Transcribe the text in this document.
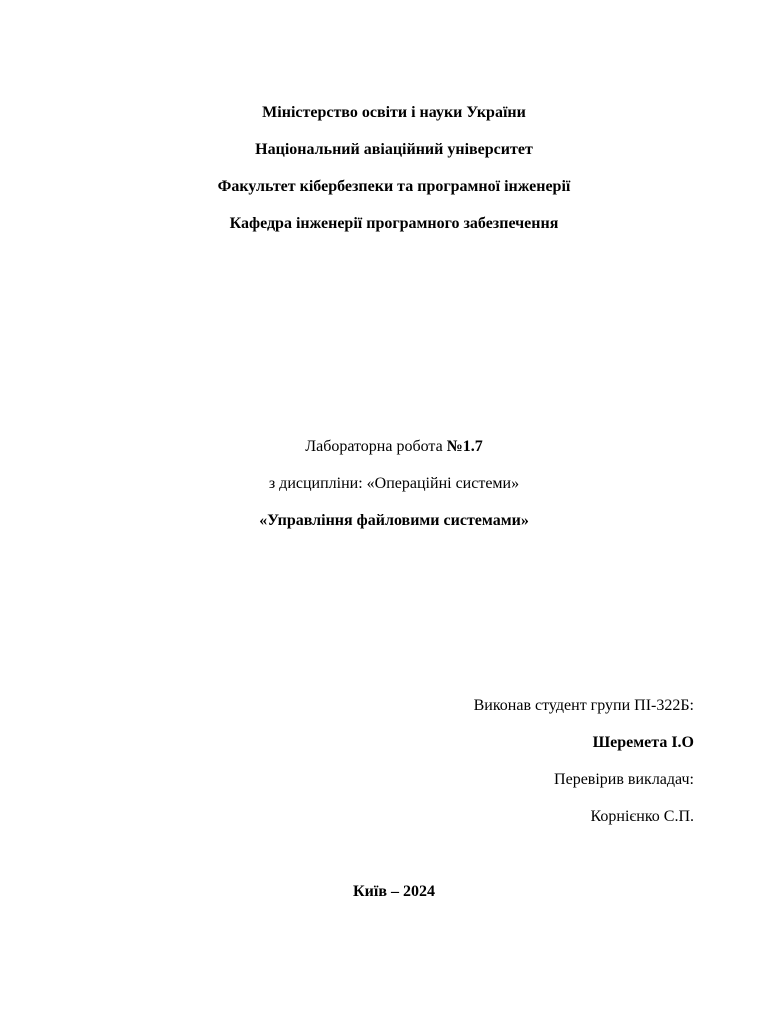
Міністерство освіти і науки України
Національний авіаційний університет
Факультет кібербезпеки та програмної інженерії
Кафедра інженерії програмного забезпечення
Лабораторна робота №1.7
з дисципліни: «Операційні системи»
«Управління файловими системами»
Виконав студент групи ПІ-322Б:
Шеремета І.О
Перевірив викладач:
Корнієнко С.П.
Київ – 2024
